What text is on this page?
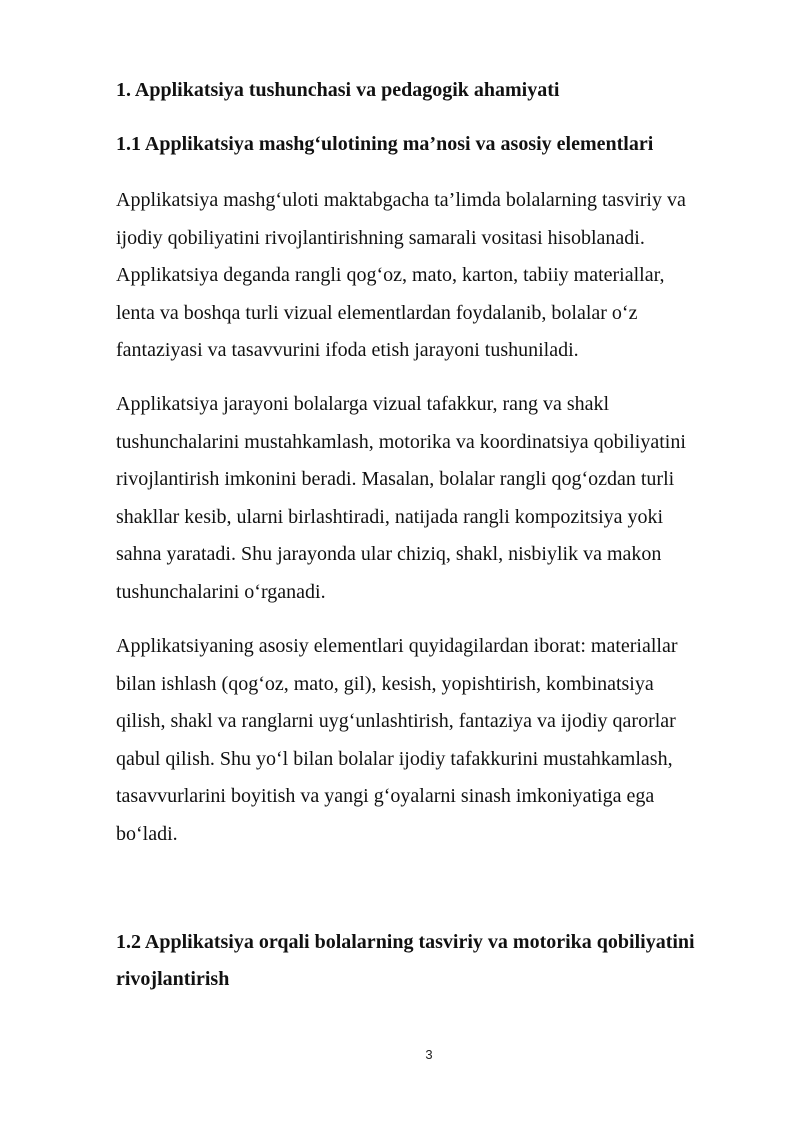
1. Applikatsiya tushunchasi va pedagogik ahamiyati

1.1 Applikatsiya mashg‘ulotining ma’nosi va asosiy elementlari

Applikatsiya mashg‘uloti maktabgacha ta’limda bolalarning tasviriy va
ijodiy qobiliyatini rivojlantirishning samarali vositasi hisoblanadi.
Applikatsiya deganda rangli qog‘oz, mato, karton, tabiiy materiallar,
lenta va boshqa turli vizual elementlardan foydalanib, bolalar o‘z
fantaziyasi va tasavvurini ifoda etish jarayoni tushuniladi.

Applikatsiya jarayoni bolalarga vizual tafakkur, rang va shakl
tushunchalarini mustahkamlash, motorika va koordinatsiya qobiliyatini
rivojlantirish imkonini beradi. Masalan, bolalar rangli qog‘ozdan turli
shakllar kesib, ularni birlashtiradi, natijada rangli kompozitsiya yoki
sahna yaratadi. Shu jarayonda ular chiziq, shakl, nisbiylik va makon
tushunchalarini o‘rganadi.

Applikatsiyaning asosiy elementlari quyidagilardan iborat: materiallar
bilan ishlash (qog‘oz, mato, gil), kesish, yopishtirish, kombinatsiya
qilish, shakl va ranglarni uyg‘unlashtirish, fantaziya va ijodiy qarorlar
qabul qilish. Shu yo‘l bilan bolalar ijodiy tafakkurini mustahkamlash,
tasavvurlarini boyitish va yangi g‘oyalarni sinash imkoniyatiga ega
bo‘ladi.

1.2 Applikatsiya orqali bolalarning tasviriy va motorika qobiliyatini
rivojlantirish

3
